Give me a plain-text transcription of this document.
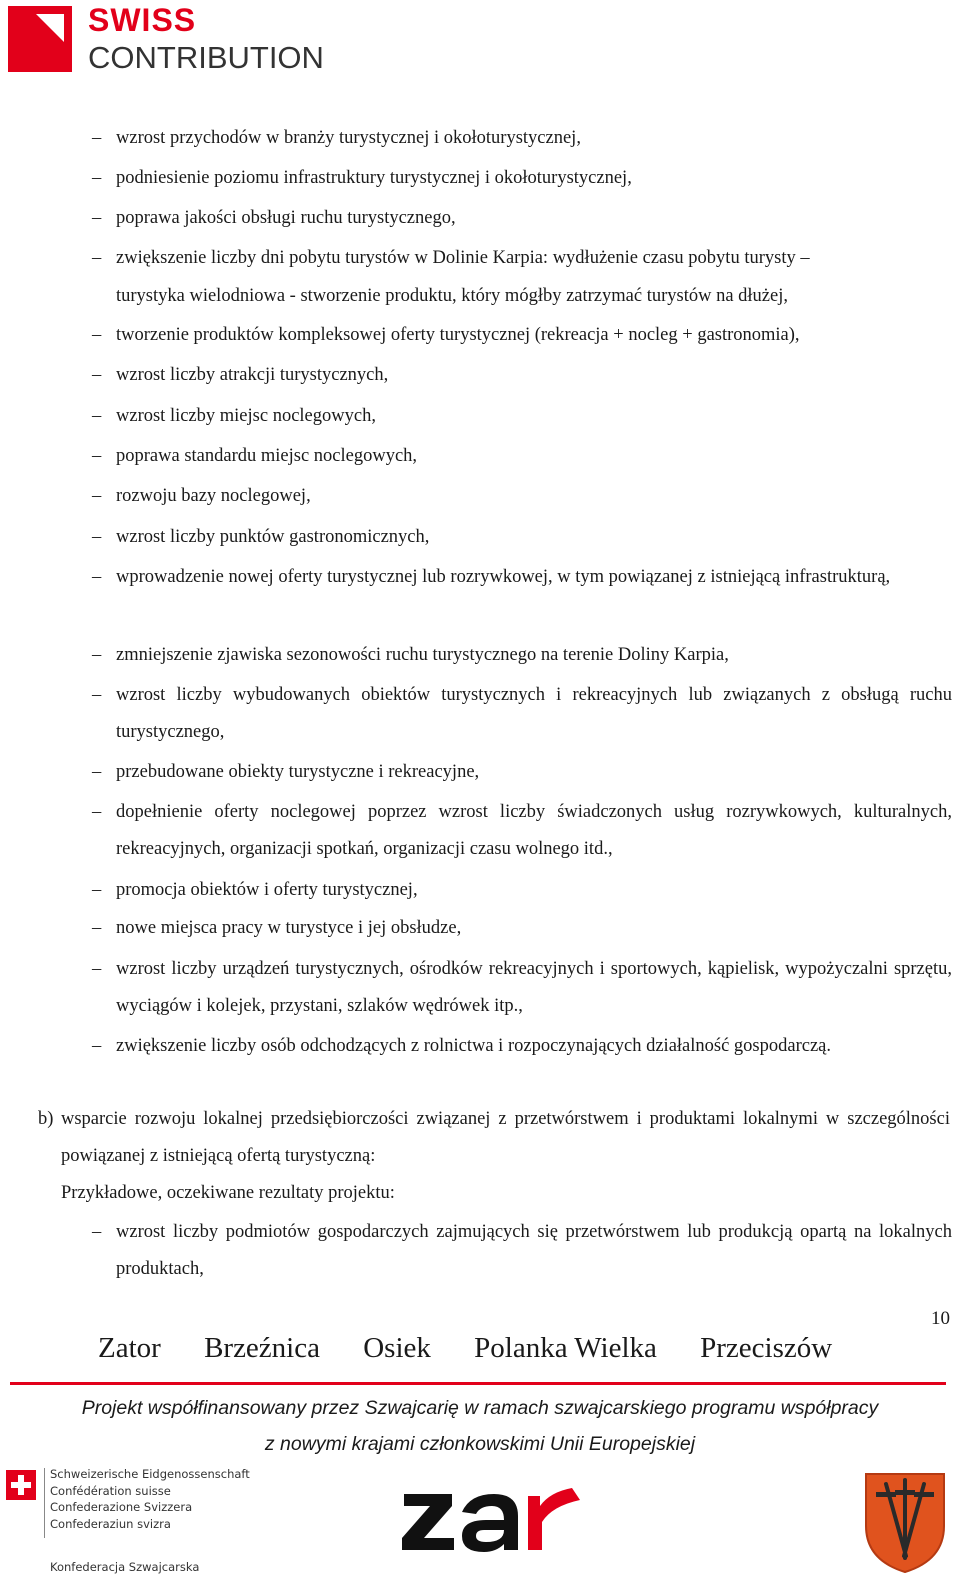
SWISS
CONTRIBUTION
– wzrost przychodów w branży turystycznej i okołoturystycznej,
– podniesienie poziomu infrastruktury turystycznej i okołoturystycznej,
– poprawa jakości obsługi ruchu turystycznego,
– zwiększenie liczby dni pobytu turystów w Dolinie Karpia: wydłużenie czasu pobytu turysty –
turystyka wielodniowa - stworzenie produktu, który mógłby zatrzymać turystów na dłużej,
– tworzenie produktów kompleksowej oferty turystycznej (rekreacja + nocleg + gastronomia),
– wzrost liczby atrakcji turystycznych,
– wzrost liczby miejsc noclegowych,
– poprawa standardu miejsc noclegowych,
– rozwoju bazy noclegowej,
– wzrost liczby punktów gastronomicznych,
– wprowadzenie nowej oferty turystycznej lub rozrywkowej, w tym powiązanej z istniejącą infrastrukturą,
– zmniejszenie zjawiska sezonowości ruchu turystycznego na terenie Doliny Karpia,
– wzrost liczby wybudowanych obiektów turystycznych i rekreacyjnych lub związanych z obsługą ruchu turystycznego,
– przebudowane obiekty turystyczne i rekreacyjne,
– dopełnienie oferty noclegowej poprzez wzrost liczby świadczonych usług rozrywkowych, kulturalnych, rekreacyjnych, organizacji spotkań, organizacji czasu wolnego itd.,
– promocja obiektów i oferty turystycznej,
– nowe miejsca pracy w turystyce i jej obsłudze,
– wzrost liczby urządzeń turystycznych, ośrodków rekreacyjnych i sportowych, kąpielisk, wypożyczalni sprzętu, wyciągów i kolejek, przystani, szlaków wędrówek itp.,
– zwiększenie liczby osób odchodzących z rolnictwa i rozpoczynających działalność gospodarczą.
b) wsparcie rozwoju lokalnej przedsiębiorczości związanej z przetwórstwem i produktami lokalnymi w szczególności powiązanej z istniejącą ofertą turystyczną:
Przykładowe, oczekiwane rezultaty projektu:
– wzrost liczby podmiotów gospodarczych zajmujących się przetwórstwem lub produkcją opartą na lokalnych produktach,
10
Zator Brzeźnica Osiek Polanka Wielka Przeciszów
Projekt współfinansowany przez Szwajcarię w ramach szwajcarskiego programu współpracy
z nowymi krajami członkowskimi Unii Europejskiej
Schweizerische Eidgenossenschaft
Confédération suisse
Confederazione Svizzera
Confederaziun svizra
Konfederacja Szwajcarska
